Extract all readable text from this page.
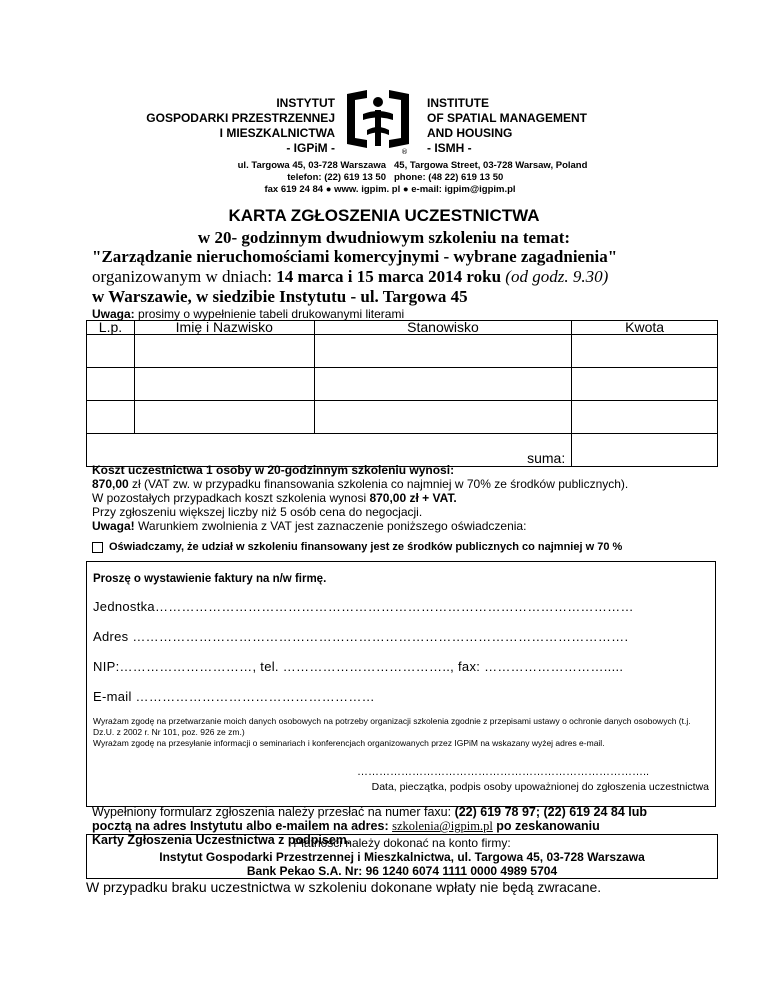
INSTYTUT
GOSPODARKI PRZESTRZENNEJ
I MIESZKALNICTWA
- IGPiM -	®
INSTITUTE
OF SPATIAL MANAGEMENT
AND HOUSING
- ISMH -
ul. Targowa 45, 03-728 Warszawa 45, Targowa Street, 03-728 Warsaw, Poland
telefon: (22) 619 13 50 phone: (48 22) 619 13 50
fax 619 24 84 ● www. igpim. pl ● e-mail: igpim@igpim.pl
KARTA ZGŁOSZENIA UCZESTNICTWA
w 20- godzinnym dwudniowym szkoleniu na temat:
"Zarządzanie nieruchomościami komercyjnymi - wybrane zagadnienia"
organizowanym w dniach: 14 marca i 15 marca 2014 roku (od godz. 9.30)
w Warszawie, w siedzibie Instytutu - ul. Targowa 45
Uwaga: prosimy o wypełnienie tabeli drukowanymi literami
L.p.	Imię i Nazwisko	Stanowisko	Kwota

suma:			
Koszt uczestnictwa 1 osoby w 20-godzinnym szkoleniu wynosi:
870,00 zł (VAT zw. w przypadku finansowania szkolenia co najmniej w 70% ze środków publicznych).
W pozostałych przypadkach koszt szkolenia wynosi 870,00 zł + VAT.
Przy zgłoszeniu większej liczby niż 5 osób cena do negocjacji.
Uwaga! Warunkiem zwolnienia z VAT jest zaznaczenie poniższego oświadczenia:
Oświadczamy, że udział w szkoleniu finansowany jest ze środków publicznych co najmniej w 70 %
Proszę o wystawienie faktury na n/w firmę.
Jednostka………………………………………………………………………………………………
Adres ………………………………………………………………………………………………….
NIP:…………………………, tel. ……………………………….., fax: ……………………….....
E-mail ………………………………………………
Wyrażam zgodę na przetwarzanie moich danych osobowych na potrzeby organizacji szkolenia zgodnie z przepisami ustawy o ochronie danych osobowych (t.j. Dz.U. z 2002 r. Nr 101, poz. 926 ze zm.)
Wyrażam zgodę na przesyłanie informacji o seminariach i konferencjach organizowanych przez IGPiM na wskazany wyżej adres e-mail.
……………………………………………………………………..
Data, pieczątka, podpis osoby upoważnionej do zgłoszenia uczestnictwa
Wypełniony formularz zgłoszenia należy przesłać na numer faxu: (22) 619 78 97; (22) 619 24 84 lub
pocztą na adres Instytutu albo e-mailem na adres: szkolenia@igpim.pl po zeskanowaniu
Karty Zgłoszenia Uczestnictwa z podpisem.
Płatności należy dokonać na konto firmy:
Instytut Gospodarki Przestrzennej i Mieszkalnictwa, ul. Targowa 45, 03-728 Warszawa
Bank Pekao S.A. Nr: 96 1240 6074 1111 0000 4989 5704
W przypadku braku uczestnictwa w szkoleniu dokonane wpłaty nie będą zwracane.
